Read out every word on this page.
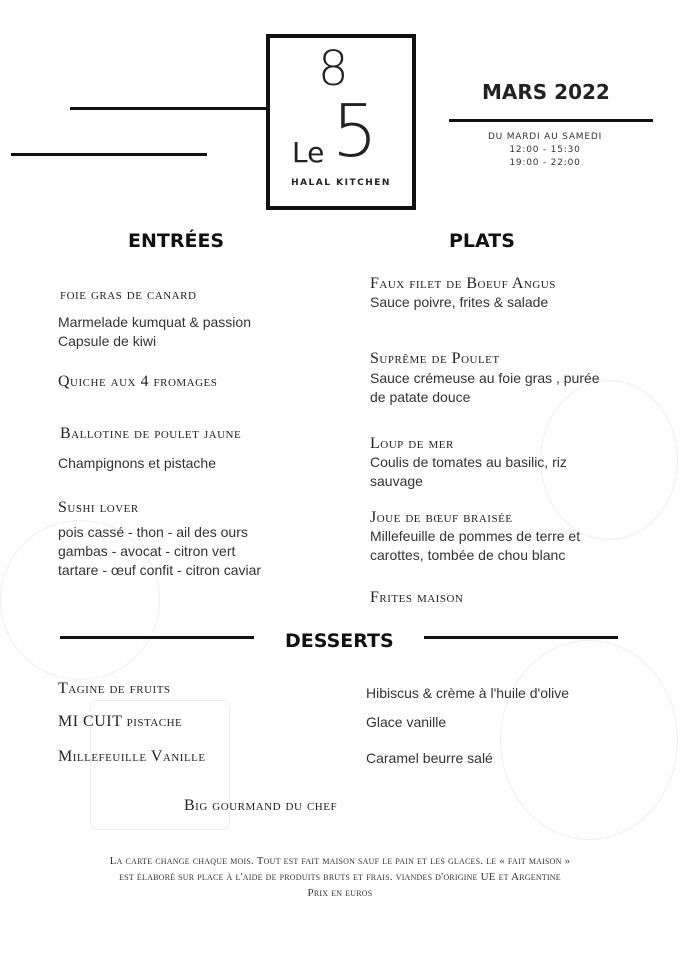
8
5
Le
HALAL KITCHEN
MARS 2022
DU MARDI AU SAMEDI
12:00 - 15:30
19:00 - 22:00
ENTRÉES	PLATS
foie gras de canard
Marmelade kumquat & passion
Capsule de kiwi
Quiche aux 4 fromages
Ballotine de poulet jaune
Champignons et pistache
Sushi lover
pois cassé - thon - ail des ours
gambas - avocat - citron vert
tartare - œuf confit - citron caviar
Faux filet de Boeuf Angus
Sauce poivre, frites & salade
Suprême de Poulet
Sauce crémeuse au foie gras , purée
de patate douce
Loup de mer
Coulis de tomates au basilic, riz
sauvage
Joue de bœuf braisée
Millefeuille de pommes de terre et
carottes, tombée de chou blanc
Frites maison
DESSERTS
Tagine de fruits	Hibiscus & crème à l'huile d'olive
MI CUIT pistache	Glace vanille
Millefeuille Vanille	Caramel beurre salé
Big gourmand du chef
La carte change chaque mois. Tout est fait maison sauf le pain et les glaces. le « fait maison »
est élaboré sur place à l'aide de produits bruts et frais. viandes d'origine UE et Argentine
Prix en euros
